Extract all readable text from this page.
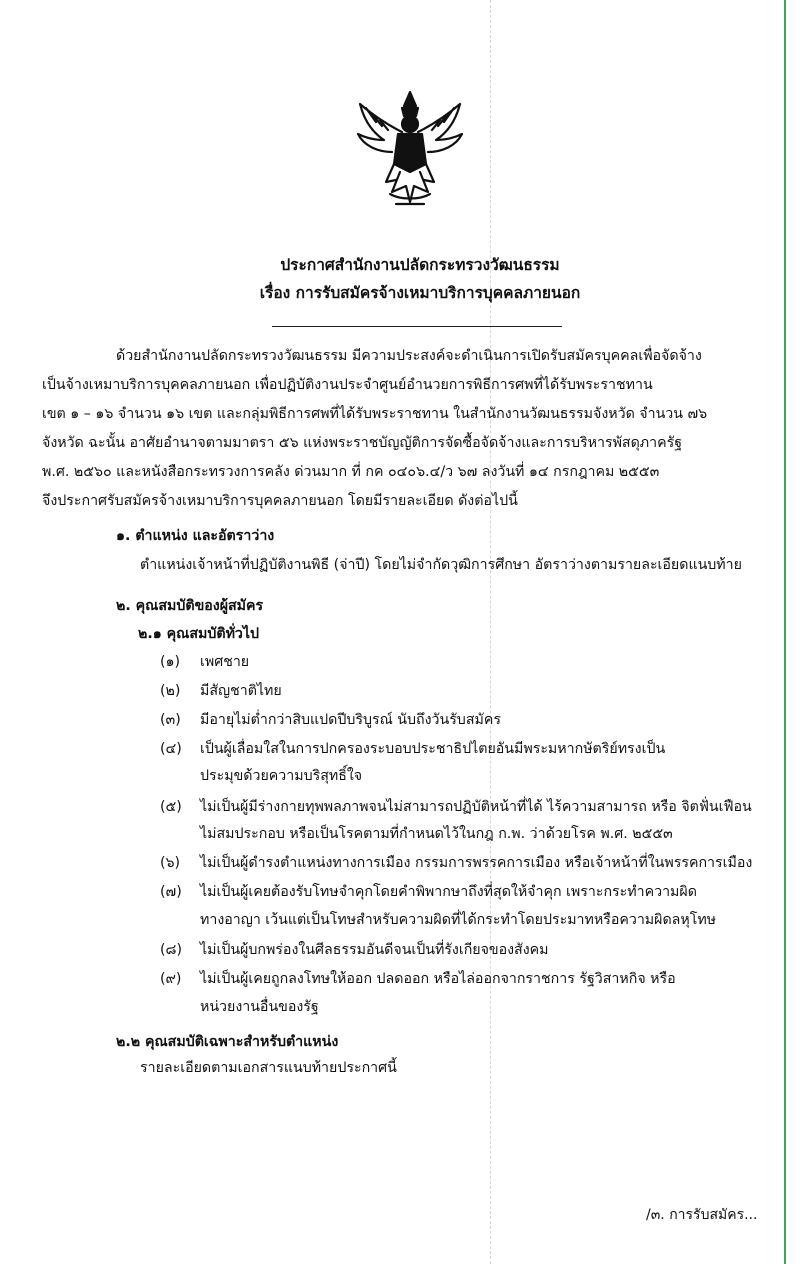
ประกาศสำนักงานปลัดกระทรวงวัฒนธรรม
เรื่อง การรับสมัครจ้างเหมาบริการบุคคลภายนอก
ด้วยสำนักงานปลัดกระทรวงวัฒนธรรม มีความประสงค์จะดำเนินการเปิดรับสมัครบุคคลเพื่อจัดจ้าง
เป็นจ้างเหมาบริการบุคคลภายนอก เพื่อปฏิบัติงานประจำศูนย์อำนวยการพิธีการศพที่ได้รับพระราชทาน
เขต ๑ – ๑๖ จำนวน ๑๖ เขต และกลุ่มพิธีการศพที่ได้รับพระราชทาน ในสำนักงานวัฒนธรรมจังหวัด จำนวน ๗๖
จังหวัด ฉะนั้น อาศัยอำนาจตามมาตรา ๕๖ แห่งพระราชบัญญัติการจัดซื้อจัดจ้างและการบริหารพัสดุภาครัฐ
พ.ศ. ๒๕๖๐ และหนังสือกระทรวงการคลัง ด่วนมาก ที่ กค ๐๔๐๖.๔/ว ๖๗ ลงวันที่ ๑๔ กรกฎาคม ๒๕๕๓
จึงประกาศรับสมัครจ้างเหมาบริการบุคคลภายนอก โดยมีรายละเอียด ดังต่อไปนี้
๑. ตำแหน่ง และอัตราว่าง
ตำแหน่งเจ้าหน้าที่ปฏิบัติงานพิธี (จ่าปี) โดยไม่จำกัดวุฒิการศึกษา อัตราว่างตามรายละเอียดแนบท้าย
๒. คุณสมบัติของผู้สมัคร
๒.๑ คุณสมบัติทั่วไป
(๑) เพศชาย
(๒) มีสัญชาติไทย
(๓) มีอายุไม่ต่ำกว่าสิบแปดปีบริบูรณ์ นับถึงวันรับสมัคร
(๔) เป็นผู้เลื่อมใสในการปกครองระบอบประชาธิปไตยอันมีพระมหากษัตริย์ทรงเป็น
ประมุขด้วยความบริสุทธิ์ใจ
(๕) ไม่เป็นผู้มีร่างกายทุพพลภาพจนไม่สามารถปฏิบัติหน้าที่ได้ ไร้ความสามารถ หรือ จิตฟั่นเฟือน
ไม่สมประกอบ หรือเป็นโรคตามที่กำหนดไว้ในกฎ ก.พ. ว่าด้วยโรค พ.ศ. ๒๕๕๓
(๖) ไม่เป็นผู้ดำรงตำแหน่งทางการเมือง กรรมการพรรคการเมือง หรือเจ้าหน้าที่ในพรรคการเมือง
(๗) ไม่เป็นผู้เคยต้องรับโทษจำคุกโดยคำพิพากษาถึงที่สุดให้จำคุก เพราะกระทำความผิด
ทางอาญา เว้นแต่เป็นโทษสำหรับความผิดที่ได้กระทำโดยประมาทหรือความผิดลหุโทษ
(๘) ไม่เป็นผู้บกพร่องในศีลธรรมอันดีจนเป็นที่รังเกียจของสังคม
(๙) ไม่เป็นผู้เคยถูกลงโทษให้ออก ปลดออก หรือไล่ออกจากราชการ รัฐวิสาหกิจ หรือ
หน่วยงานอื่นของรัฐ
๒.๒ คุณสมบัติเฉพาะสำหรับตำแหน่ง
รายละเอียดตามเอกสารแนบท้ายประกาศนี้
/๓. การรับสมัคร...
